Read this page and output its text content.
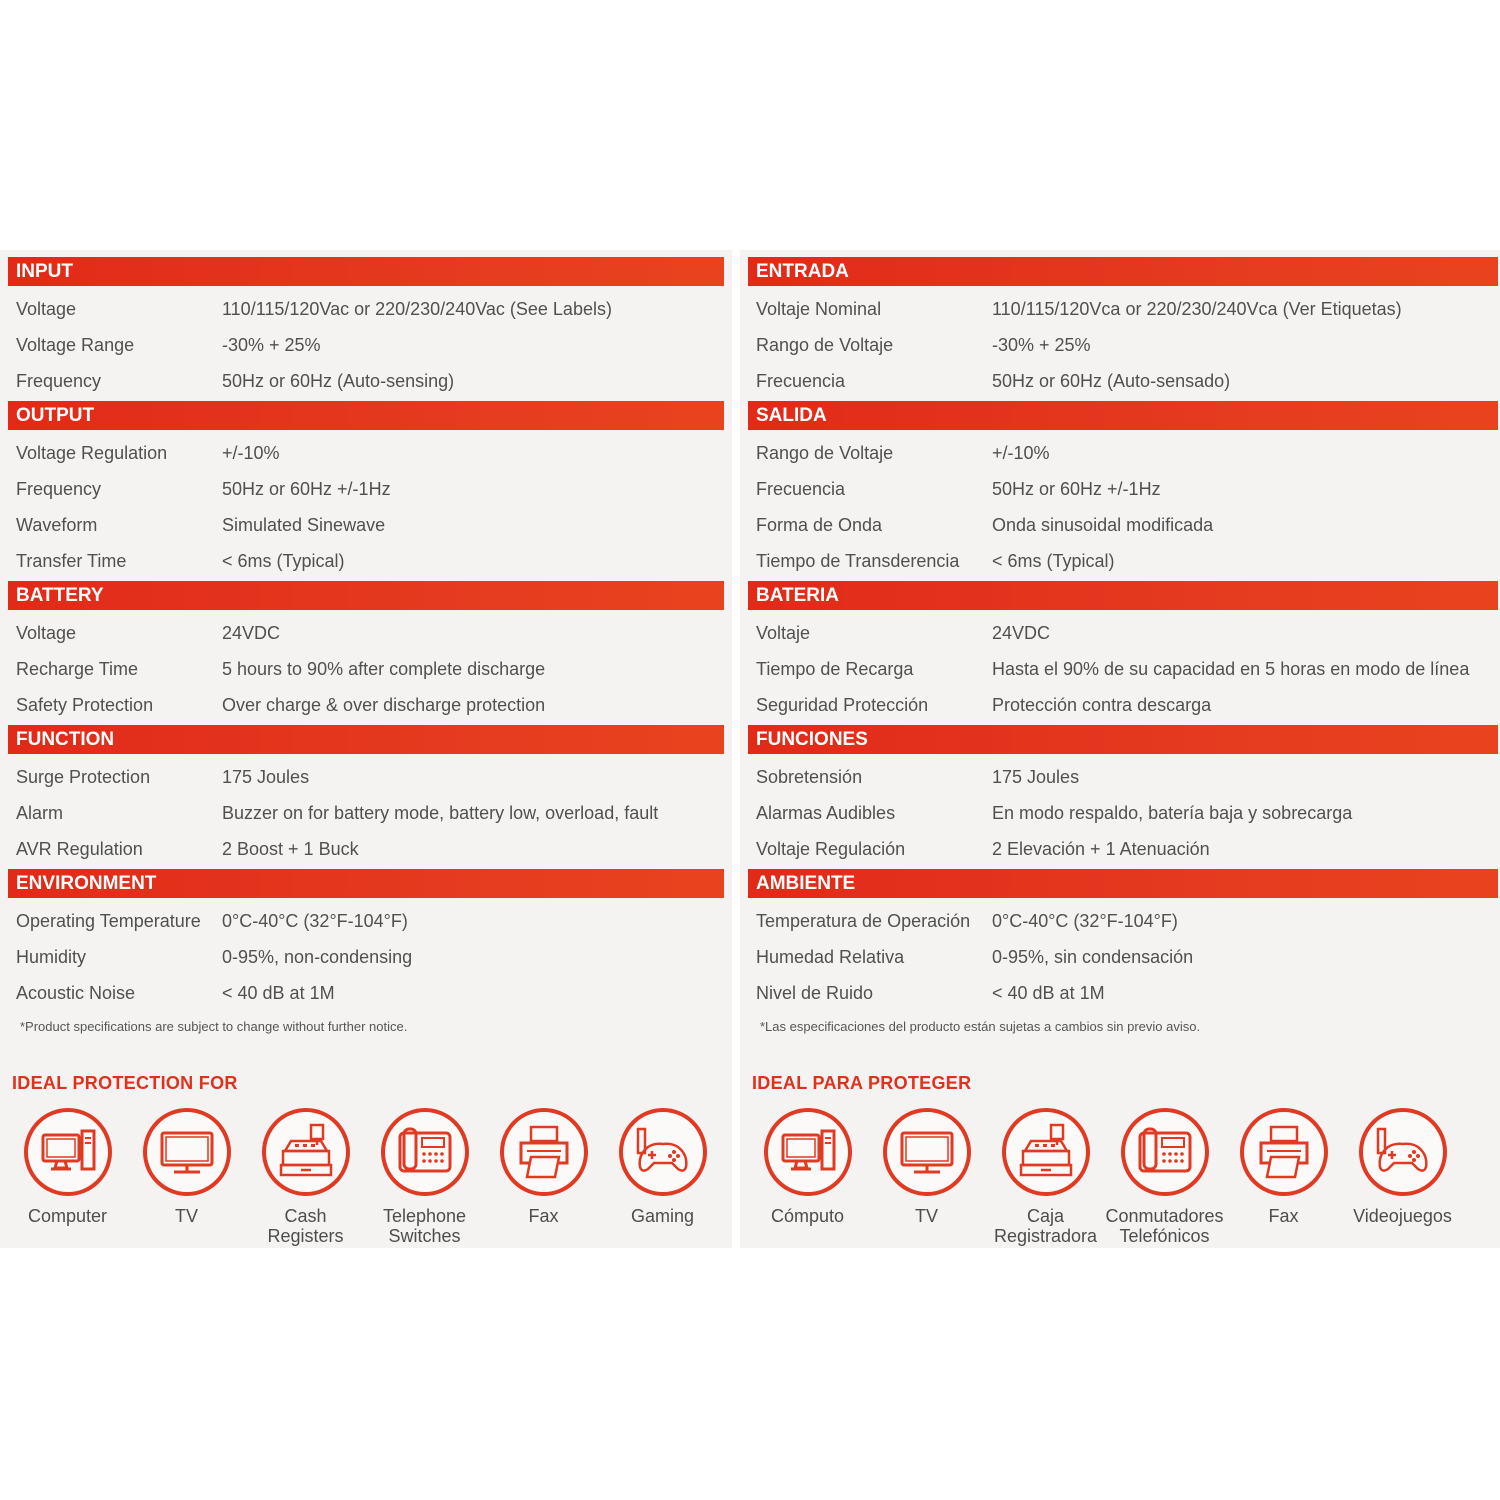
INPUT
Voltage	110/115/120Vac or 220/230/240Vac (See Labels)
Voltage Range	-30% + 25%
Frequency	50Hz or 60Hz (Auto-sensing)
OUTPUT
Voltage Regulation	+/-10%
Frequency	50Hz or 60Hz +/-1Hz
Waveform	Simulated Sinewave
Transfer Time	< 6ms (Typical)
BATTERY
Voltage	24VDC
Recharge Time	5 hours to 90% after complete discharge
Safety Protection	Over charge & over discharge protection
FUNCTION
Surge Protection	175 Joules
Alarm	Buzzer on for battery mode, battery low, overload, fault
AVR Regulation	2 Boost + 1 Buck
ENVIRONMENT
Operating Temperature	0°C-40°C (32°F-104°F)
Humidity	0-95%, non-condensing
Acoustic Noise	< 40 dB at 1M
*Product specifications are subject to change without further notice.
IDEAL PROTECTION FOR
Computer	TV	Cash
Registers
Telephone
Switches
Fax	Gaming
ENTRADA
Voltaje Nominal	110/115/120Vca or 220/230/240Vca (Ver Etiquetas)
Rango de Voltaje	-30% + 25%
Frecuencia	50Hz or 60Hz (Auto-sensado)
SALIDA
Rango de Voltaje	+/-10%
Frecuencia	50Hz or 60Hz +/-1Hz
Forma de Onda	Onda sinusoidal modificada
Tiempo de Transderencia	< 6ms (Typical)
BATERIA
Voltaje	24VDC
Tiempo de Recarga	Hasta el 90% de su capacidad en 5 horas en modo de línea
Seguridad Protección	Protección contra descarga
FUNCIONES
Sobretensión	175 Joules
Alarmas Audibles	En modo respaldo, batería baja y sobrecarga
Voltaje Regulación	2 Elevación + 1 Atenuación
AMBIENTE
Temperatura de Operación	0°C-40°C (32°F-104°F)
Humedad Relativa	0-95%, sin condensación
Nivel de Ruido	< 40 dB at 1M
*Las especificaciones del producto están sujetas a cambios sin previo aviso.
IDEAL PARA PROTEGER
Cómputo	TV	Caja
Registradora
Conmutadores
Telefónicos
Fax	Videojuegos
